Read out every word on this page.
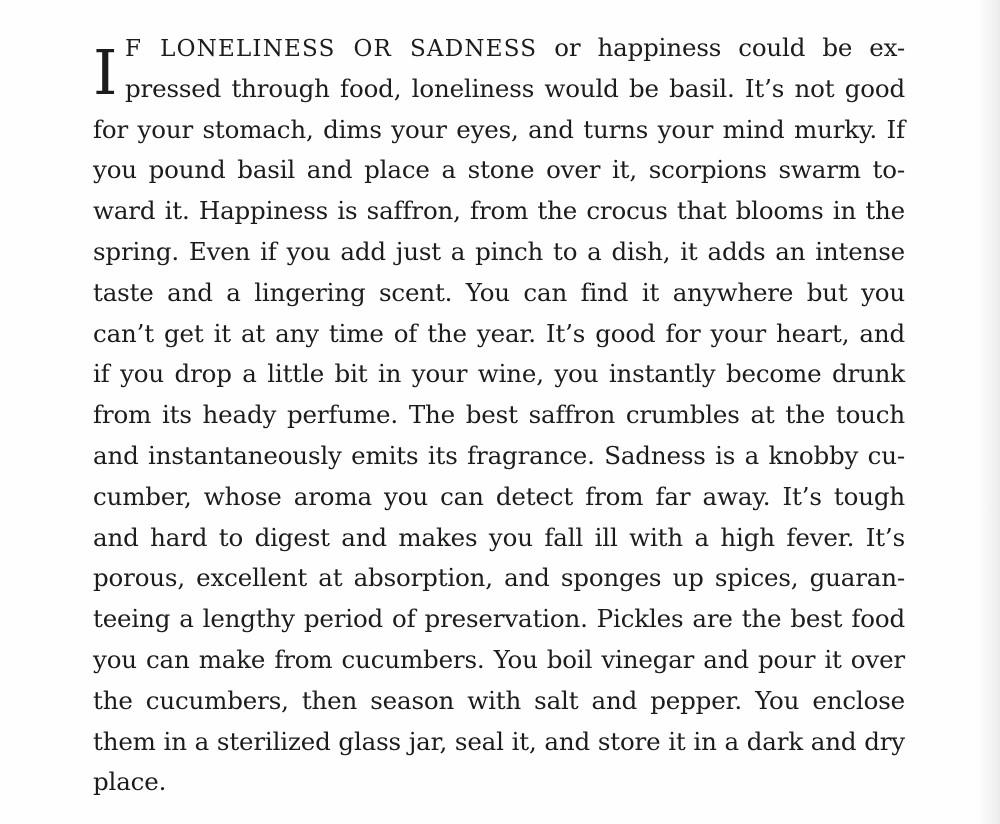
I F LONELINESS OR SADNESS or happiness could be ex-
pressed through food, loneliness would be basil. It’s not good
for your stomach, dims your eyes, and turns your mind murky. If
you pound basil and place a stone over it, scorpions swarm to-
ward it. Happiness is saffron, from the crocus that blooms in the
spring. Even if you add just a pinch to a dish, it adds an intense
taste and a lingering scent. You can find it anywhere but you
can’t get it at any time of the year. It’s good for your heart, and
if you drop a little bit in your wine, you instantly become drunk
from its heady perfume. The best saffron crumbles at the touch
and instantaneously emits its fragrance. Sadness is a knobby cu-
cumber, whose aroma you can detect from far away. It’s tough
and hard to digest and makes you fall ill with a high fever. It’s
porous, excellent at absorption, and sponges up spices, guaran-
teeing a lengthy period of preservation. Pickles are the best food
you can make from cucumbers. You boil vinegar and pour it over
the cucumbers, then season with salt and pepper. You enclose
them in a sterilized glass jar, seal it, and store it in a dark and dry
place.
